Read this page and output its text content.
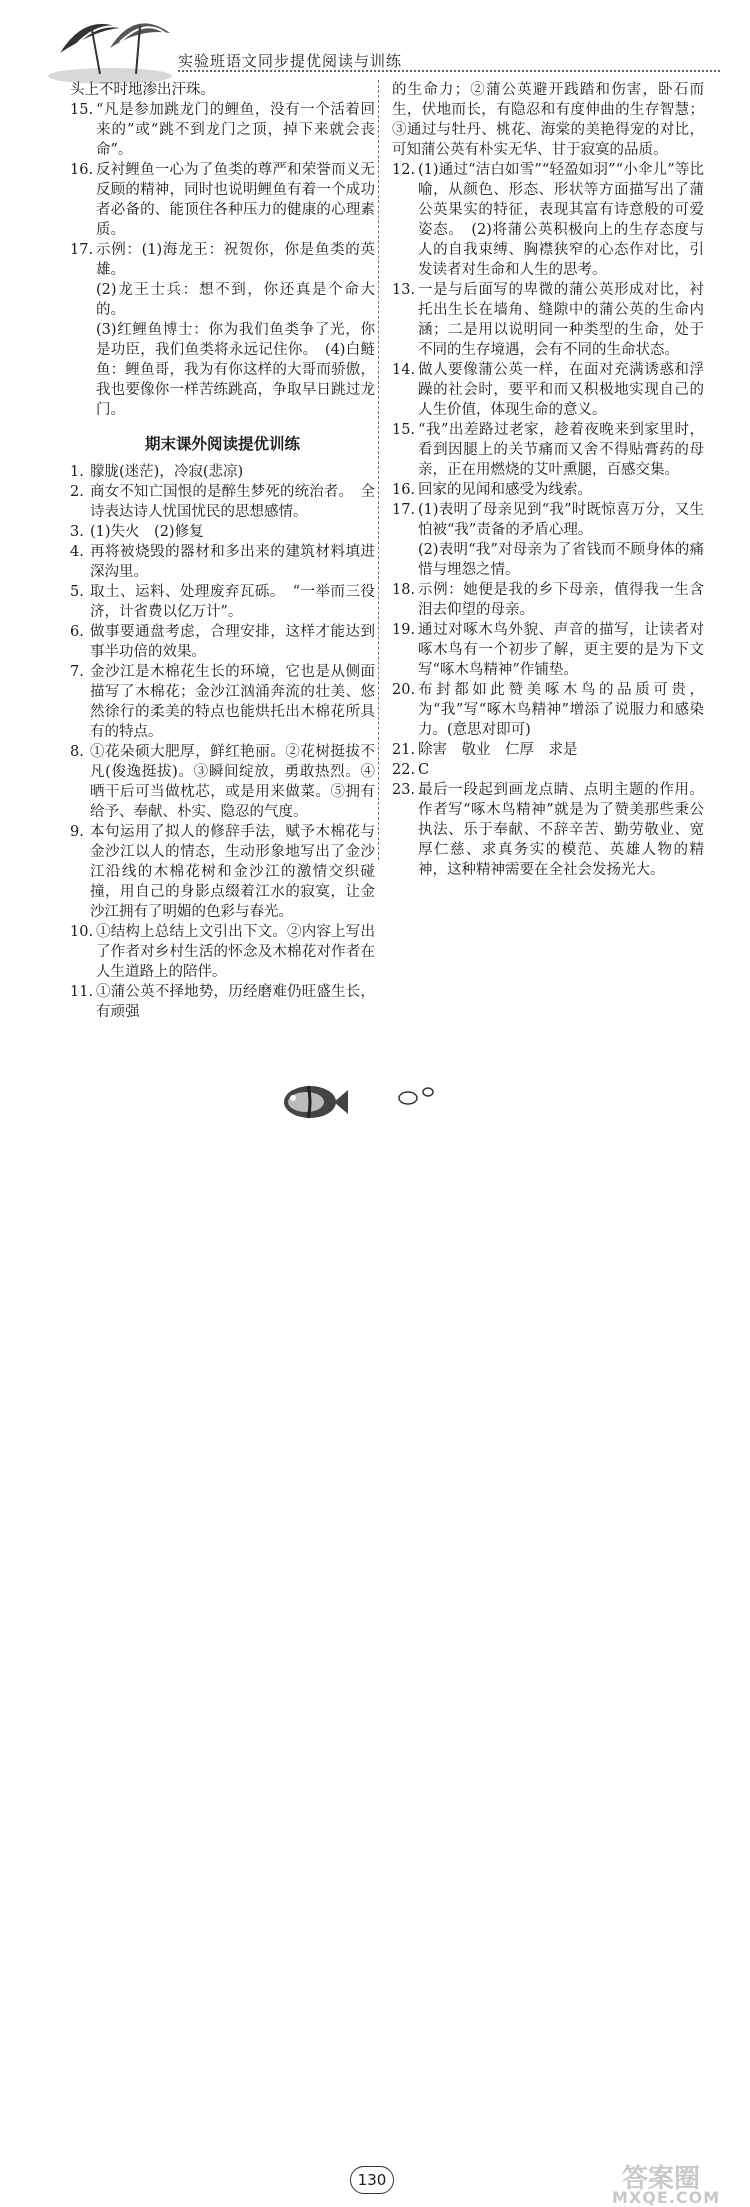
实验班语文同步提优阅读与训练
头上不时地渗出汗珠。
15. “凡是参加跳龙门的鲤鱼，没有一个活着回来的”或“跳不到龙门之顶，掉下来就会丧命”。
16. 反衬鲤鱼一心为了鱼类的尊严和荣誉而义无反顾的精神，同时也说明鲤鱼有着一个成功者必备的、能顶住各种压力的健康的心理素质。
17. 示例：(1)海龙王：祝贺你，你是鱼类的英雄。
(2)龙王士兵：想不到，你还真是个命大的。
(3)红鲤鱼博士：你为我们鱼类争了光，你是功臣，我们鱼类将永远记住你。　(4)白鲢鱼：鲤鱼哥，我为有你这样的大哥而骄傲，我也要像你一样苦练跳高，争取早日跳过龙门。
期末课外阅读提优训练
1. 朦胧(迷茫)，冷寂(悲凉)
2. 商女不知亡国恨的是醉生梦死的统治者。　全诗表达诗人忧国忧民的思想感情。
3. (1)失火　(2)修复
4. 再将被烧毁的器材和多出来的建筑材料填进深沟里。
5. 取土、运料、处理废弃瓦砾。　“一举而三役济，计省费以亿万计”。
6. 做事要通盘考虑，合理安排，这样才能达到事半功倍的效果。
7. 金沙江是木棉花生长的环境，它也是从侧面描写了木棉花；金沙江汹涌奔流的壮美、悠然徐行的柔美的特点也能烘托出木棉花所具有的特点。
8. ①花朵硕大肥厚，鲜红艳丽。②花树挺拔不凡(俊逸挺拔)。③瞬间绽放，勇敢热烈。④晒干后可当做枕芯，或是用来做菜。⑤拥有给予、奉献、朴实、隐忍的气度。
9. 本句运用了拟人的修辞手法，赋予木棉花与金沙江以人的情态，生动形象地写出了金沙江沿线的木棉花树和金沙江的激情交织碰撞，用自己的身影点缀着江水的寂寞，让金沙江拥有了明媚的色彩与春光。
10. ①结构上总结上文引出下文。②内容上写出了作者对乡村生活的怀念及木棉花对作者在人生道路上的陪伴。
11. ①蒲公英不择地势，历经磨难仍旺盛生长，有顽强
的生命力；②蒲公英避开践踏和伤害，卧石而生，伏地而长，有隐忍和有度伸曲的生存智慧；③通过与牡丹、桃花、海棠的美艳得宠的对比，可知蒲公英有朴实无华、甘于寂寞的品质。
12. (1)通过“洁白如雪”“轻盈如羽”“小伞儿”等比喻，从颜色、形态、形状等方面描写出了蒲公英果实的特征，表现其富有诗意般的可爱姿态。　(2)将蒲公英积极向上的生存态度与人的自我束缚、胸襟狭窄的心态作对比，引发读者对生命和人生的思考。
13. 一是与后面写的卑微的蒲公英形成对比，衬托出生长在墙角、缝隙中的蒲公英的生命内涵；二是用以说明同一种类型的生命，处于不同的生存境遇，会有不同的生命状态。
14. 做人要像蒲公英一样，在面对充满诱惑和浮躁的社会时，要平和而又积极地实现自己的人生价值，体现生命的意义。
15. “我”出差路过老家，趁着夜晚来到家里时，看到因腿上的关节痛而又舍不得贴膏药的母亲，正在用燃烧的艾叶熏腿，百感交集。
16. 回家的见闻和感受为线索。
17. (1)表明了母亲见到“我”时既惊喜万分，又生怕被“我”责备的矛盾心理。
(2)表明“我”对母亲为了省钱而不顾身体的痛惜与埋怨之情。
18. 示例：她便是我的乡下母亲，值得我一生含泪去仰望的母亲。
19. 通过对啄木鸟外貌、声音的描写，让读者对啄木鸟有一个初步了解，更主要的是为下文写“啄木鸟精神”作铺垫。
20. 布封都如此赞美啄木鸟的品质可贵，为“我”写“啄木鸟精神”增添了说服力和感染力。(意思对即可)
21. 除害　敬业　仁厚　求是
22. C
23. 最后一段起到画龙点睛、点明主题的作用。作者写“啄木鸟精神”就是为了赞美那些秉公执法、乐于奉献、不辞辛苦、勤劳敬业、宽厚仁慈、求真务实的模范、英雄人物的精神，这种精神需要在全社会发扬光大。
130	答案圈
MXQE.COM
